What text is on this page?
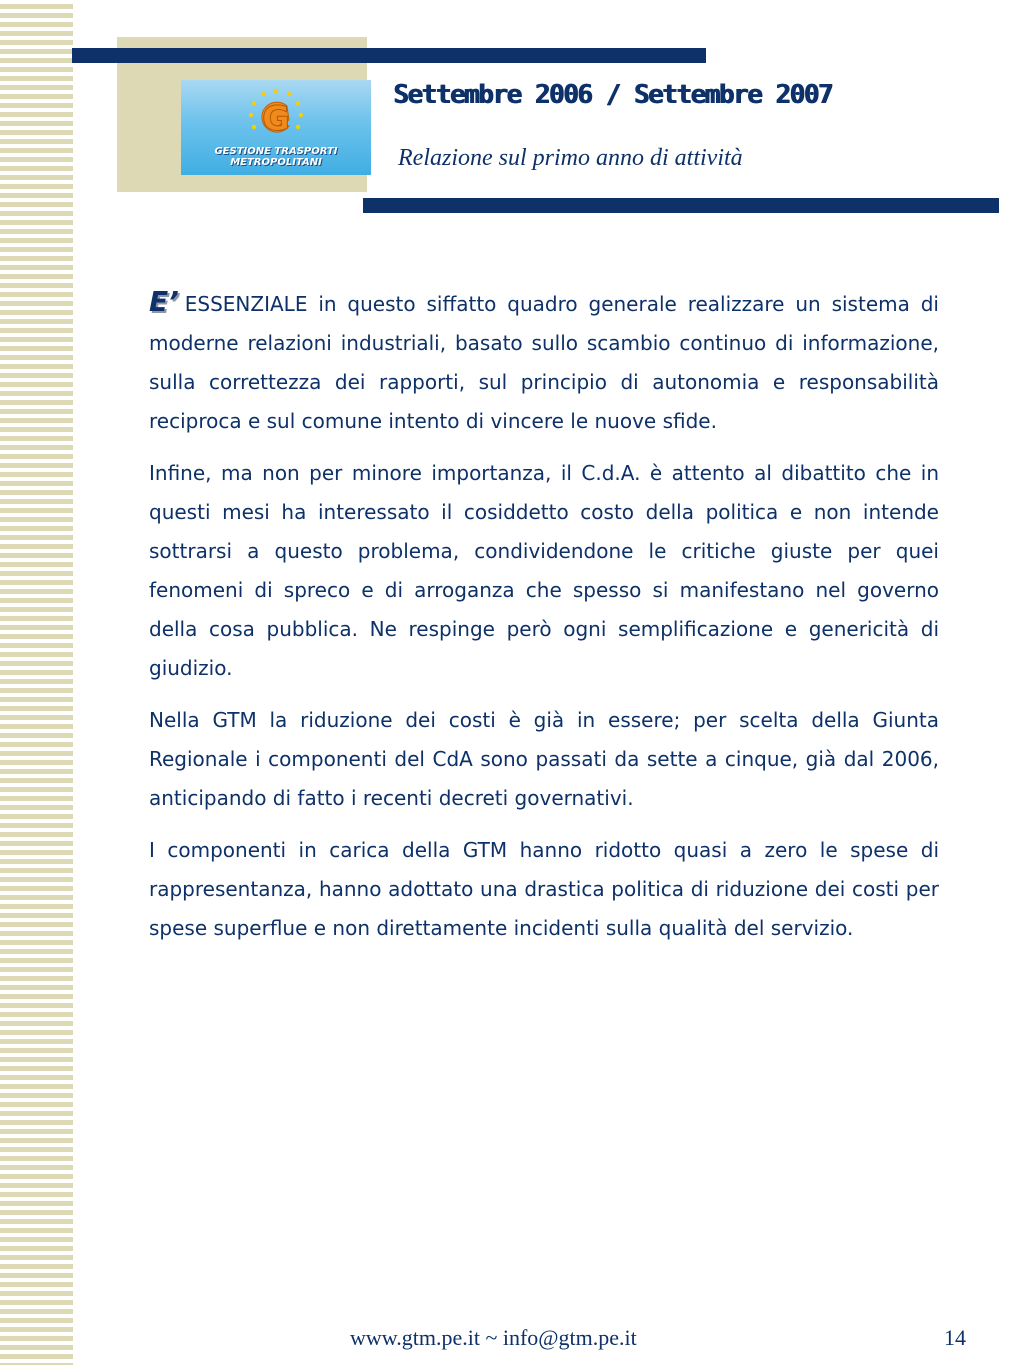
G
GESTIONE TRASPORTI
METROPOLITANI
Settembre 2006 / Settembre 2007
Relazione sul primo anno di attività

E’ ESSENZIALE in questo siffatto quadro generale realizzare un sistema di moderne relazioni industriali, basato sullo scambio continuo di informazione, sulla correttezza dei rapporti, sul principio di autonomia e responsabilità reciproca e sul comune intento di vincere le nuove sfide.

Infine, ma non per minore importanza, il C.d.A. è attento al dibattito che in questi mesi ha interessato il cosiddetto costo della politica e non intende sottrarsi a questo problema, condividendone le critiche giuste per quei fenomeni di spreco e di arroganza che spesso si manifestano nel governo della cosa pubblica. Ne respinge però ogni semplificazione e genericità di giudizio.

Nella GTM la riduzione dei costi è già in essere; per scelta della Giunta Regionale i componenti del CdA sono passati da sette a cinque, già dal 2006, anticipando di fatto i recenti decreti governativi.

I componenti in carica della GTM hanno ridotto quasi a zero le spese di rappresentanza, hanno adottato una drastica politica di riduzione dei costi per spese superflue e non direttamente incidenti sulla qualità del servizio.

www.gtm.pe.it ~ info@gtm.pe.it	14
